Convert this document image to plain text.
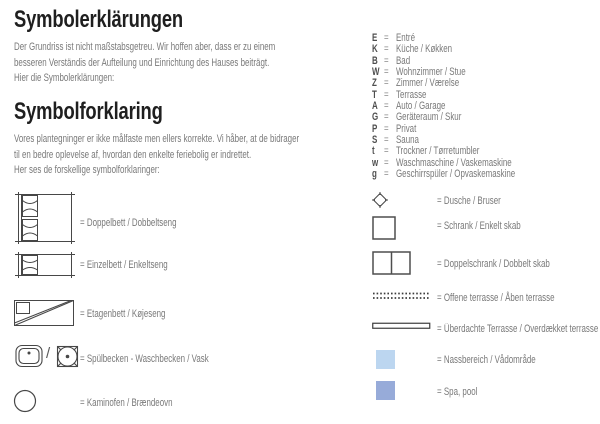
Symbolerklärungen
Der Grundriss ist nicht maßstabsgetreu. Wir hoffen aber, dass er zu einem
besseren Verständis der Aufteilung und Einrichtung des Hauses beiträgt.
Hier die Symbolerklärungen:
Symbolforklaring
Vores plantegninger er ikke målfaste men ellers korrekte. Vi håber, at de bidrager
til en bedre oplevelse af, hvordan den enkelte feriebolig er indrettet.
Her ses de forskellige symbolforklaringer:
= Doppelbett / Dobbeltseng
= Einzelbett / Enkeltseng
= Etagenbett / Køjeseng
/	= Spülbecken - Waschbecken / Vask
= Kaminofen / Brændeovn
E = Entré
K = Küche / Køkken
B = Bad
W = Wohnzimmer / Stue
Z = Zimmer / Værelse
T = Terrasse
A = Auto / Garage
G = Geräteraum / Skur
P = Privat
S = Sauna
t = Trockner / Tørretumbler
w = Waschmaschine / Vaskemaskine
g = Geschirrspüler / Opvaskemaskine
= Dusche / Bruser
= Schrank / Enkelt skab
= Doppelschrank / Dobbelt skab
= Offene terrasse / Åben terrasse
= Überdachte Terrasse / Overdækket terrasse
= Nassbereich / Vådområde
= Spa, pool
